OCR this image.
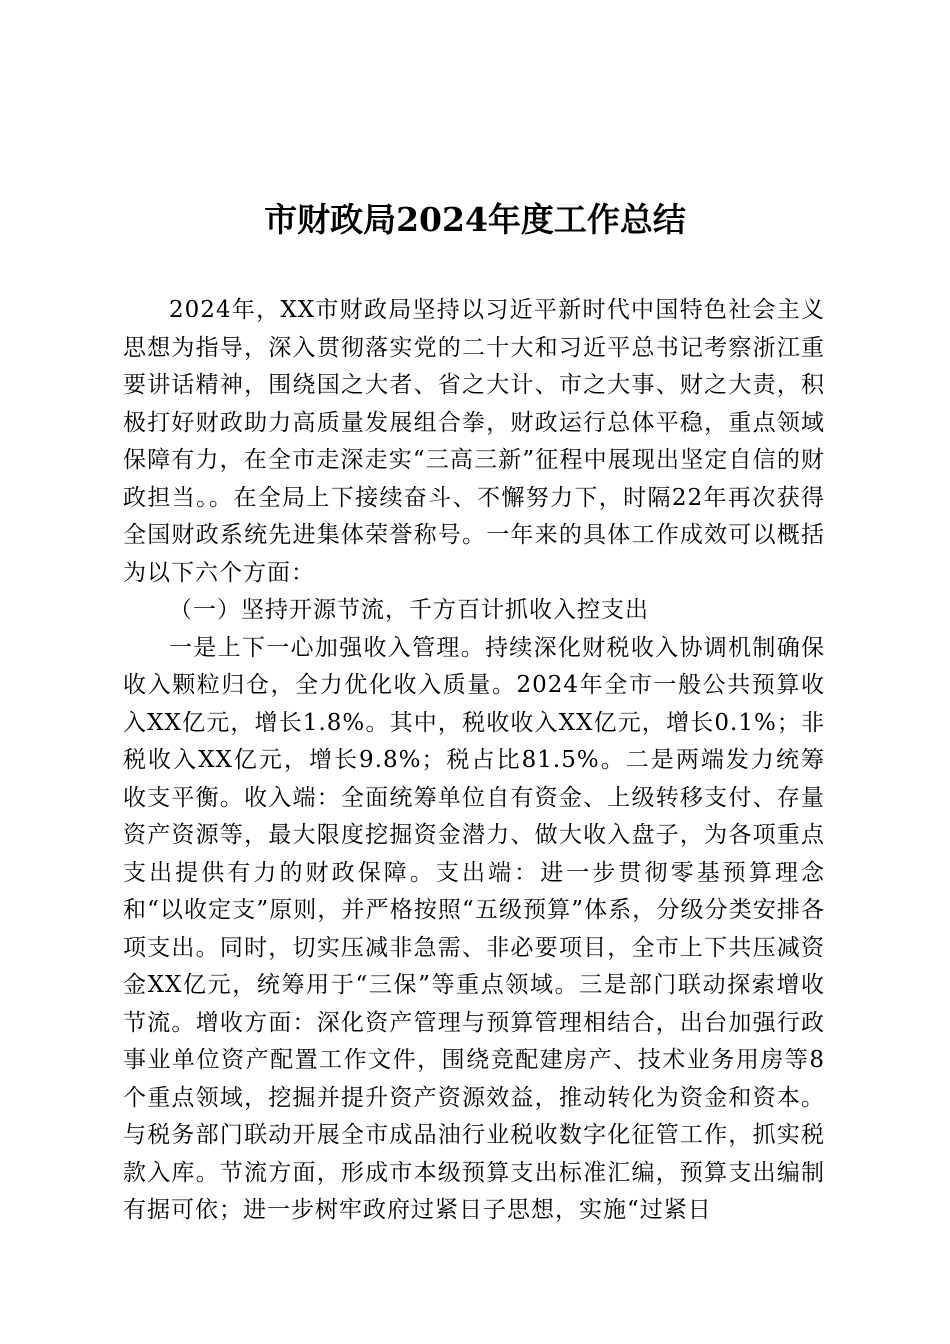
市财政局2024年度工作总结

2024年，XX市财政局坚持以习近平新时代中国特色社会主义思想为指导，深入贯彻落实党的二十大和习近平总书记考察浙江重要讲话精神，围绕国之大者、省之大计、市之大事、财之大责，积极打好财政助力高质量发展组合拳，财政运行总体平稳，重点领域保障有力，在全市走深走实“三高三新”征程中展现出坚定自信的财政担当。。在全局上下接续奋斗、不懈努力下，时隔22年再次获得全国财政系统先进集体荣誉称号。一年来的具体工作成效可以概括为以下六个方面：

（一）坚持开源节流，千方百计抓收入控支出

一是上下一心加强收入管理。持续深化财税收入协调机制确保收入颗粒归仓，全力优化收入质量。2024年全市一般公共预算收入XX亿元，增长1.8%。其中，税收收入XX亿元，增长0.1%；非税收入XX亿元，增长9.8%；税占比81.5%。二是两端发力统筹收支平衡。收入端：全面统筹单位自有资金、上级转移支付、存量资产资源等，最大限度挖掘资金潜力、做大收入盘子，为各项重点支出提供有力的财政保障。支出端：进一步贯彻零基预算理念和“以收定支”原则，并严格按照“五级预算”体系，分级分类安排各项支出。同时，切实压减非急需、非必要项目，全市上下共压减资金XX亿元，统筹用于“三保”等重点领域。三是部门联动探索增收节流。增收方面：深化资产管理与预算管理相结合，出台加强行政事业单位资产配置工作文件，围绕竞配建房产、技术业务用房等8个重点领域，挖掘并提升资产资源效益，推动转化为资金和资本。与税务部门联动开展全市成品油行业税收数字化征管工作，抓实税款入库。节流方面，形成市本级预算支出标准汇编，预算支出编制有据可依；进一步树牢政府过紧日子思想，实施“过紧日
